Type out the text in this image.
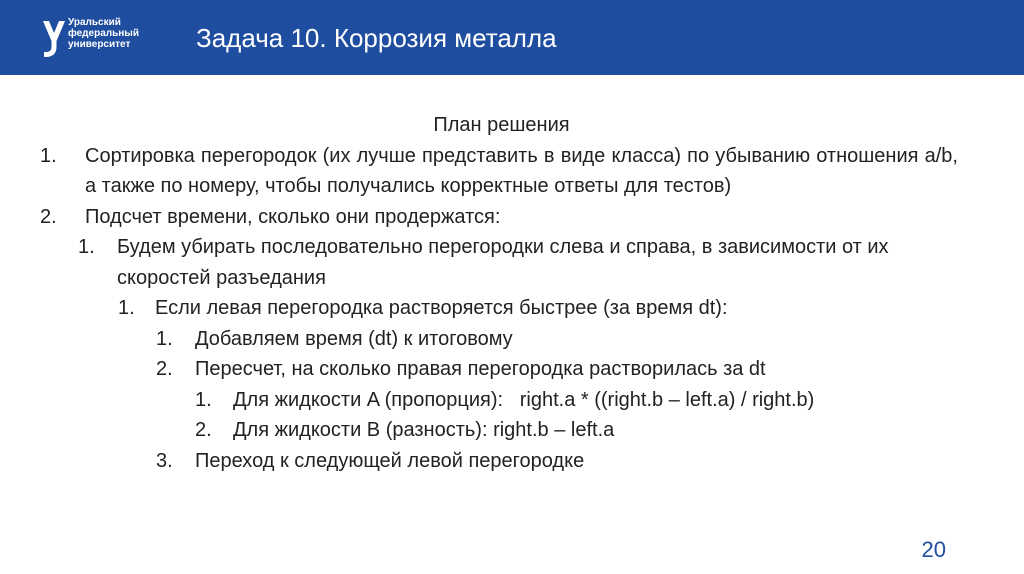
Уральский
федеральный
университет	Задача 10. Коррозия металла

План решения

1.	Сортировка перегородок (их лучше представить в виде класса) по убыванию отношения a/b, а также по номеру, чтобы получались корректные ответы для тестов)
2.	Подсчет времени, сколько они продержатся:
1.	Будем убирать последовательно перегородки слева и справа, в зависимости от их скоростей разъедания
1.	Если левая перегородка растворяется быстрее (за время dt):
1.	Добавляем время (dt) к итоговому
2.	Пересчет, на сколько правая перегородка растворилась за dt
1.	Для жидкости A (пропорция):   right.a * ((right.b – left.a) / right.b)
2.	Для жидкости B (разность): right.b – left.a
3.	Переход к следующей левой перегородке
20
